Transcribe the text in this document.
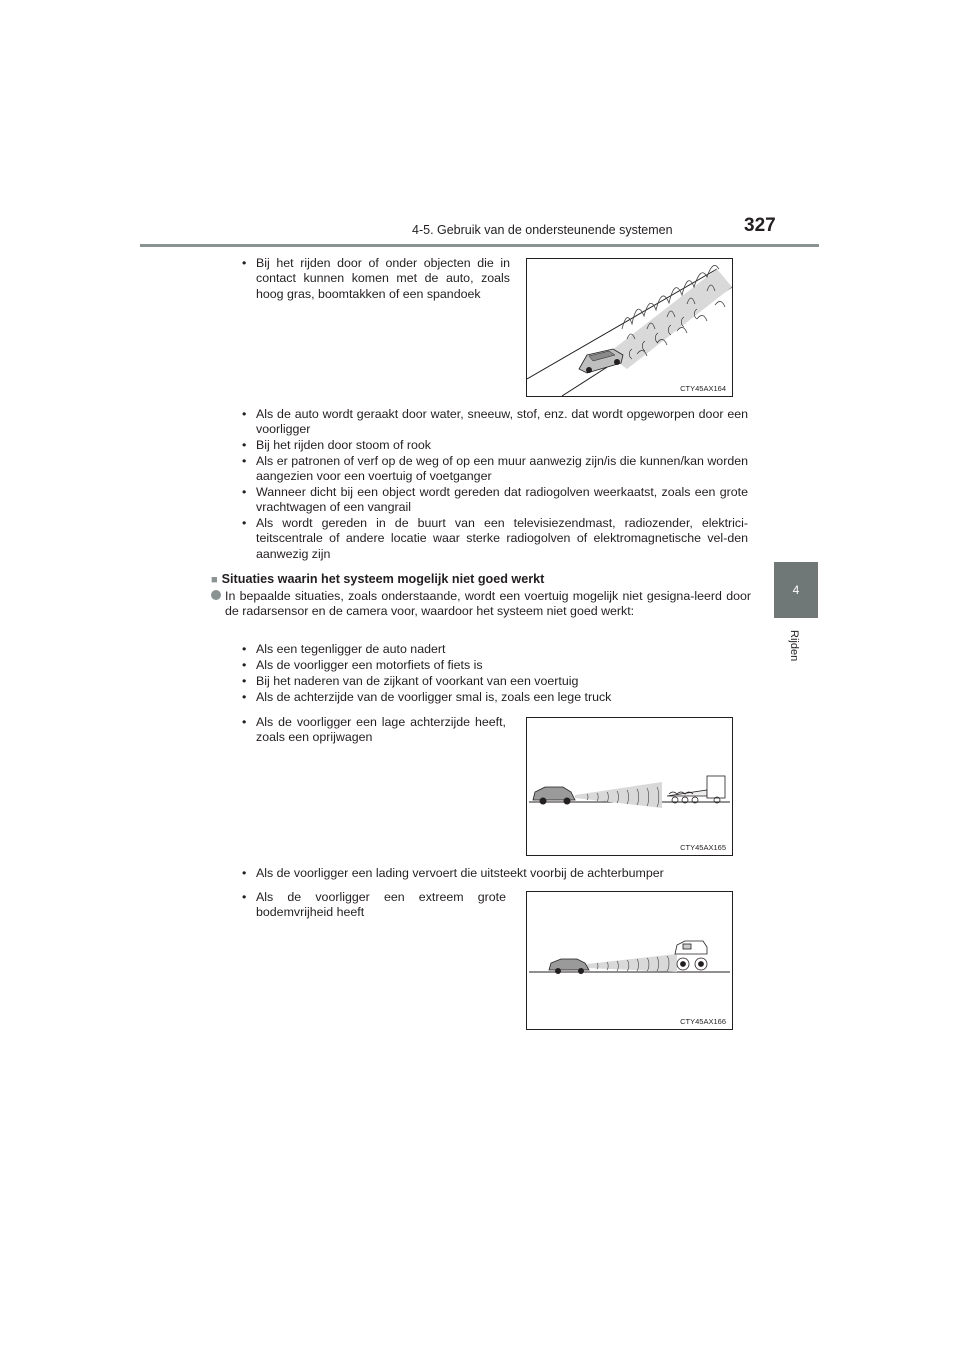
4-5. Gebruik van de ondersteunende systemen	327
4
Rijden
• Bij het rijden door of onder objecten die in contact kunnen komen met de auto, zoals hoog gras, boomtakken of een spandoek
CTY45AX164
• Als de auto wordt geraakt door water, sneeuw, stof, enz. dat wordt opgeworpen door een voorligger
• Bij het rijden door stoom of rook
• Als er patronen of verf op de weg of op een muur aanwezig zijn/is die kunnen/kan worden aangezien voor een voertuig of voetganger
• Wanneer dicht bij een object wordt gereden dat radiogolven weerkaatst, zoals een grote vrachtwagen of een vangrail
• Als wordt gereden in de buurt van een televisiezendmast, radiozender, elektrici-teitscentrale of andere locatie waar sterke radiogolven of elektromagnetische vel-den aanwezig zijn
■ Situaties waarin het systeem mogelijk niet goed werkt
In bepaalde situaties, zoals onderstaande, wordt een voertuig mogelijk niet gesigna-leerd door de radarsensor en de camera voor, waardoor het systeem niet goed werkt:
• Als een tegenligger de auto nadert
• Als de voorligger een motorfiets of fiets is
• Bij het naderen van de zijkant of voorkant van een voertuig
• Als de achterzijde van de voorligger smal is, zoals een lege truck
• Als de voorligger een lage achterzijde heeft, zoals een oprijwagen
CTY45AX165
• Als de voorligger een lading vervoert die uitsteekt voorbij de achterbumper
• Als de voorligger een extreem grote bodemvrijheid heeft
CTY45AX166
